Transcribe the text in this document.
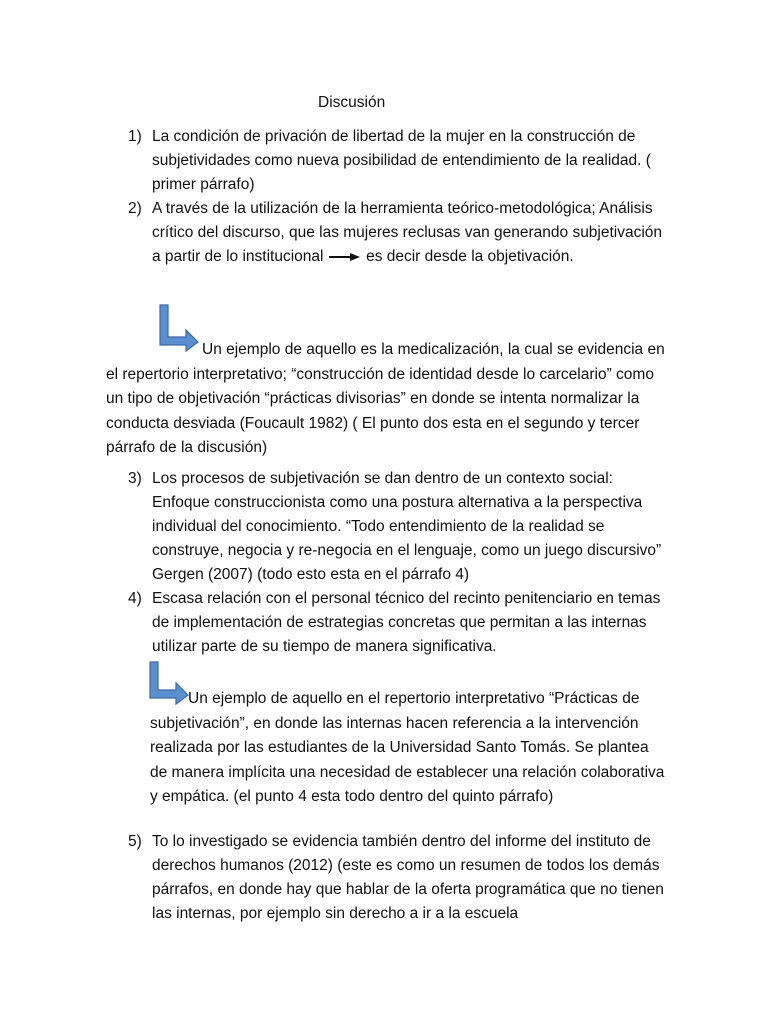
Discusión
1) La condición de privación de libertad de la mujer en la construcción de subjetividades como nueva posibilidad de entendimiento de la realidad. ( primer párrafo)
2) A través de la utilización de la herramienta teórico-metodológica; Análisis crítico del discurso, que las mujeres reclusas van generando subjetivación a partir de lo institucional  es decir desde la objetivación.
Un ejemplo de aquello es la medicalización, la cual se evidencia en el repertorio interpretativo; “construcción de identidad desde lo carcelario” como un tipo de objetivación “prácticas divisorias” en donde se intenta normalizar la conducta desviada (Foucault 1982) ( El punto dos esta en el segundo y tercer párrafo de la discusión)
3) Los procesos de subjetivación se dan dentro de un contexto social: Enfoque construccionista como una postura alternativa a la perspectiva individual del conocimiento. “Todo entendimiento de la realidad se construye, negocia y re-negocia en el lenguaje, como un juego discursivo” Gergen (2007) (todo esto esta en el párrafo 4)
4) Escasa relación con el personal técnico del recinto penitenciario en temas de implementación de estrategias concretas que permitan a las internas utilizar parte de su tiempo de manera significativa.
Un ejemplo de aquello en el repertorio interpretativo “Prácticas de subjetivación”, en donde las internas hacen referencia a la intervención realizada por las estudiantes de la Universidad Santo Tomás. Se plantea de manera implícita una necesidad de establecer una relación colaborativa y empática. (el punto 4 esta todo dentro del quinto párrafo)
5) To lo investigado se evidencia también dentro del informe del instituto de derechos humanos (2012) (este es como un resumen de todos los demás párrafos, en donde hay que hablar de la oferta programática que no tienen las internas, por ejemplo sin derecho a ir a la escuela
